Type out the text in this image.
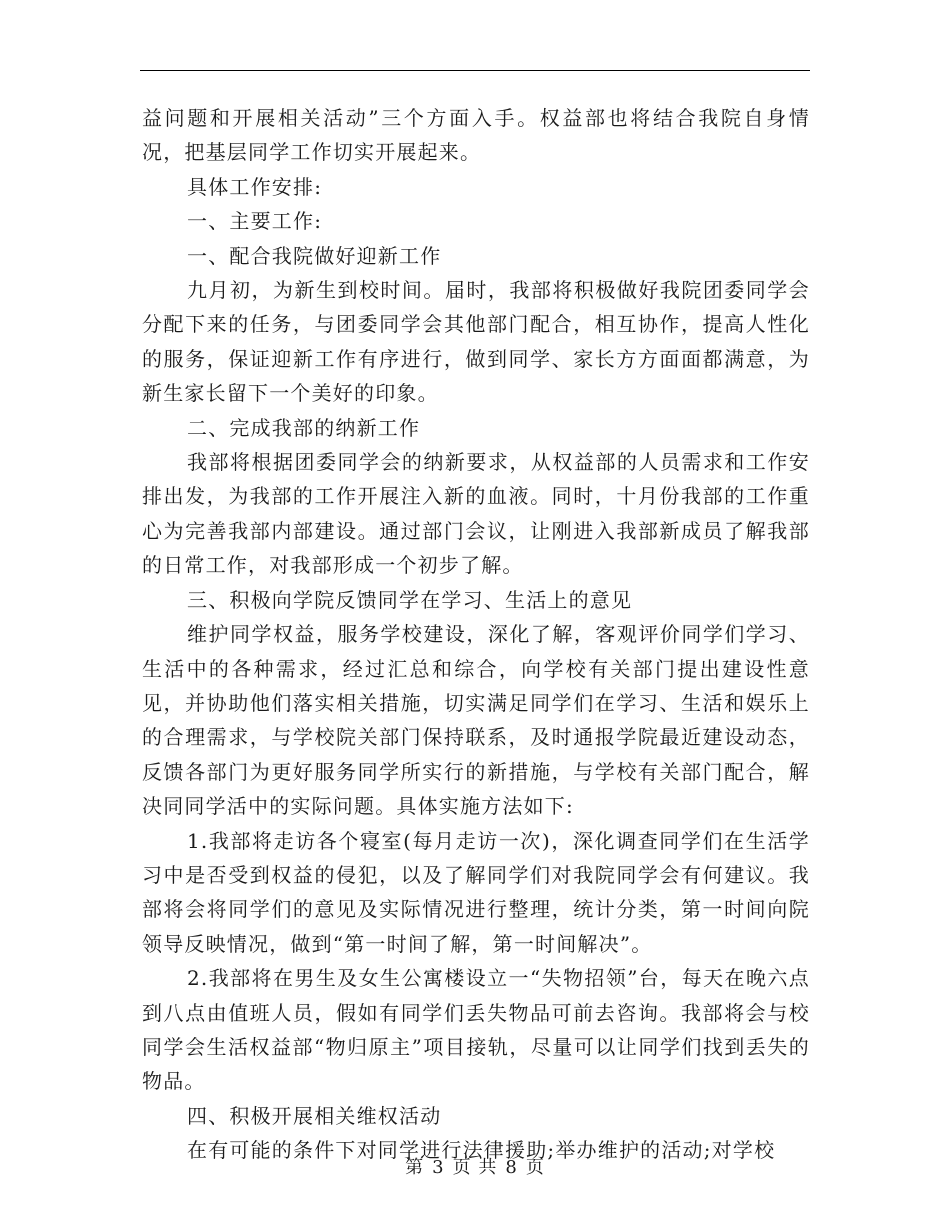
益问题和开展相关活动”三个方面入手。权益部也将结合我院自身情况，把基层同学工作切实开展起来。

具体工作安排:

一、主要工作:

一、配合我院做好迎新工作

九月初，为新生到校时间。届时，我部将积极做好我院团委同学会分配下来的任务，与团委同学会其他部门配合，相互协作，提高人性化的服务，保证迎新工作有序进行，做到同学、家长方方面面都满意，为新生家长留下一个美好的印象。

二、完成我部的纳新工作

我部将根据团委同学会的纳新要求，从权益部的人员需求和工作安排出发，为我部的工作开展注入新的血液。同时，十月份我部的工作重心为完善我部内部建设。通过部门会议，让刚进入我部新成员了解我部的日常工作，对我部形成一个初步了解。

三、积极向学院反馈同学在学习、生活上的意见

维护同学权益，服务学校建设，深化了解，客观评价同学们学习、生活中的各种需求，经过汇总和综合，向学校有关部门提出建设性意见，并协助他们落实相关措施，切实满足同学们在学习、生活和娱乐上的合理需求，与学校院关部门保持联系，及时通报学院最近建设动态，反馈各部门为更好服务同学所实行的新措施，与学校有关部门配合，解决同同学活中的实际问题。具体实施方法如下:

1.我部将走访各个寝室(每月走访一次)，深化调查同学们在生活学习中是否受到权益的侵犯，以及了解同学们对我院同学会有何建议。我部将会将同学们的意见及实际情况进行整理，统计分类，第一时间向院领导反映情况，做到“第一时间了解，第一时间解决”。

2.我部将在男生及女生公寓楼设立一“失物招领”台，每天在晚六点到八点由值班人员，假如有同学们丢失物品可前去咨询。我部将会与校同学会生活权益部“物归原主”项目接轨，尽量可以让同学们找到丢失的物品。

四、积极开展相关维权活动

在有可能的条件下对同学进行法律援助;举办维护的活动;对学校

第 3 页 共 8 页
